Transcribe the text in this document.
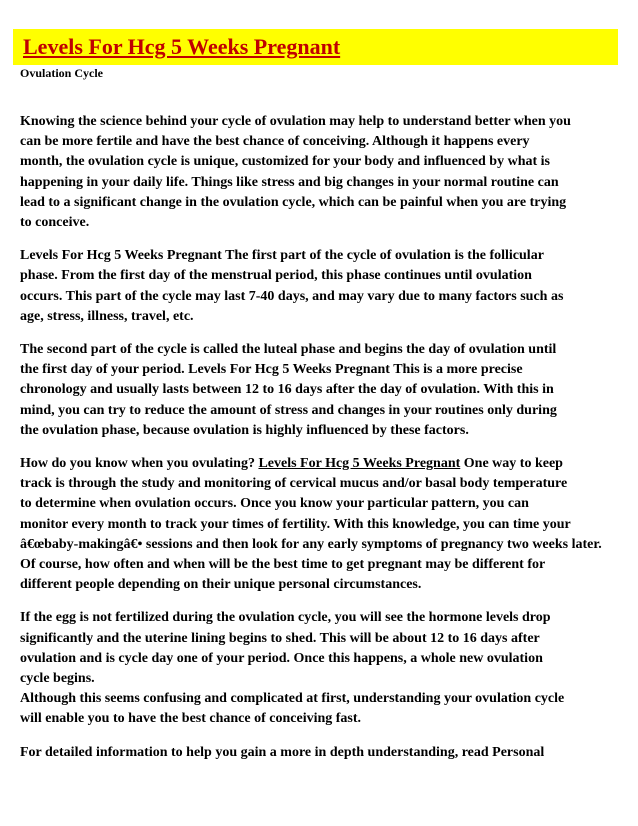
Levels For Hcg 5 Weeks Pregnant
Ovulation Cycle

Knowing the science behind your cycle of ovulation may help to understand better when you
can be more fertile and have the best chance of conceiving. Although it happens every
month, the ovulation cycle is unique, customized for your body and influenced by what is
happening in your daily life. Things like stress and big changes in your normal routine can
lead to a significant change in the ovulation cycle, which can be painful when you are trying
to conceive.

Levels For Hcg 5 Weeks Pregnant The first part of the cycle of ovulation is the follicular
phase. From the first day of the menstrual period, this phase continues until ovulation
occurs. This part of the cycle may last 7-40 days, and may vary due to many factors such as
age, stress, illness, travel, etc.

The second part of the cycle is called the luteal phase and begins the day of ovulation until
the first day of your period. Levels For Hcg 5 Weeks Pregnant This is a more precise
chronology and usually lasts between 12 to 16 days after the day of ovulation. With this in
mind, you can try to reduce the amount of stress and changes in your routines only during
the ovulation phase, because ovulation is highly influenced by these factors.

How do you know when you ovulating? Levels For Hcg 5 Weeks Pregnant One way to keep
track is through the study and monitoring of cervical mucus and/or basal body temperature
to determine when ovulation occurs. Once you know your particular pattern, you can
monitor every month to track your times of fertility. With this knowledge, you can time your
â€œbaby-makingâ€• sessions and then look for any early symptoms of pregnancy two weeks later.
Of course, how often and when will be the best time to get pregnant may be different for
different people depending on their unique personal circumstances.

If the egg is not fertilized during the ovulation cycle, you will see the hormone levels drop
significantly and the uterine lining begins to shed. This will be about 12 to 16 days after
ovulation and is cycle day one of your period. Once this happens, a whole new ovulation
cycle begins.
Although this seems confusing and complicated at first, understanding your ovulation cycle
will enable you to have the best chance of conceiving fast.

For detailed information to help you gain a more in depth understanding, read Personal
